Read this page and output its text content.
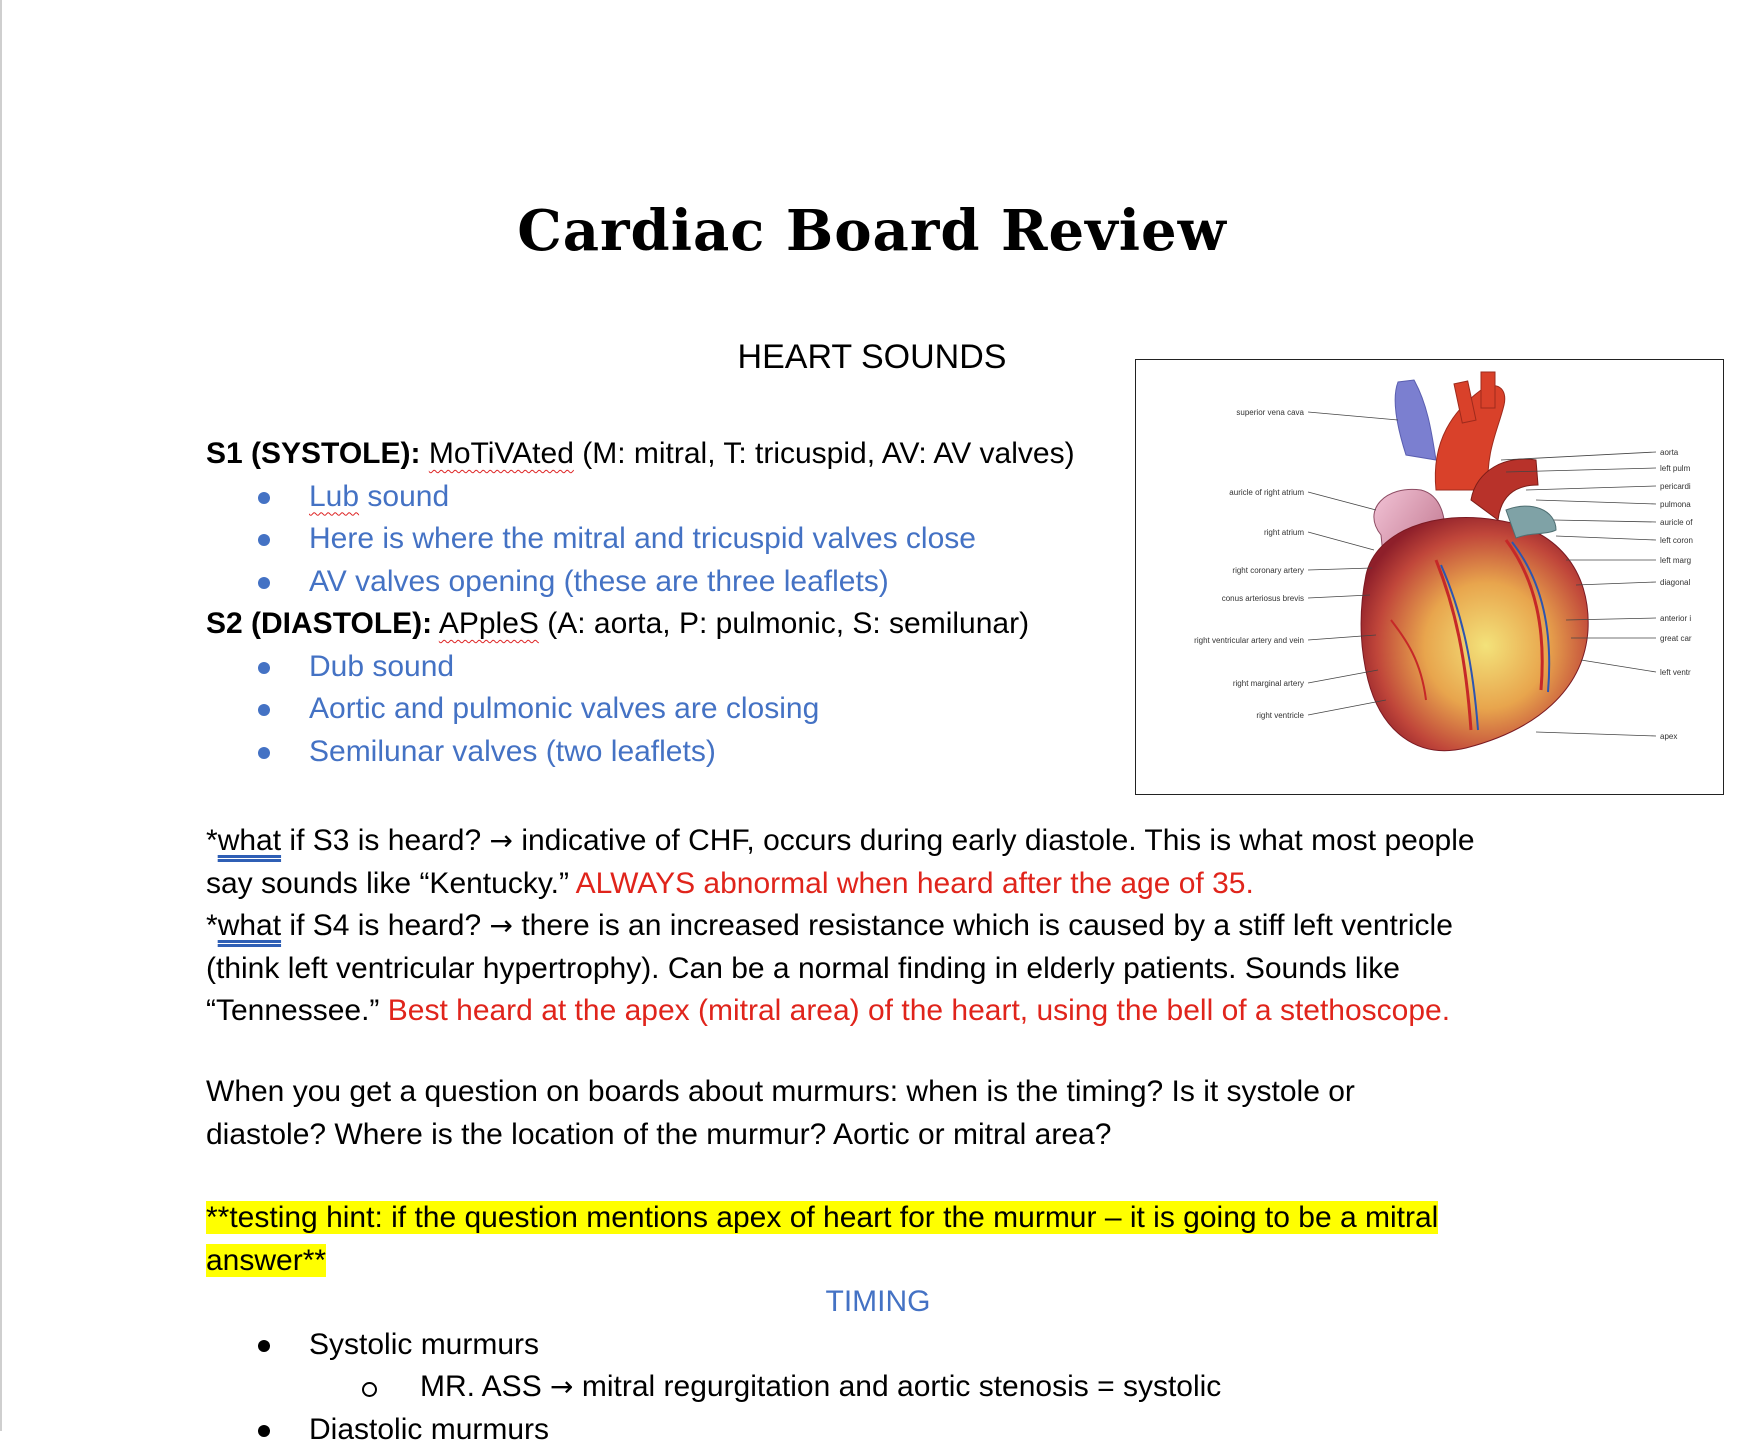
Cardiac Board Review
HEART SOUNDS
S1 (SYSTOLE): MoTiVAted (M: mitral, T: tricuspid, AV: AV valves)
Lub sound
Here is where the mitral and tricuspid valves close
AV valves opening (these are three leaflets)
S2 (DIASTOLE): APpleS (A: aorta, P: pulmonic, S: semilunar)
Dub sound
Aortic and pulmonic valves are closing
Semilunar valves (two leaflets)
*what if S3 is heard? → indicative of CHF, occurs during early diastole. This is what most people
say sounds like “Kentucky.” ALWAYS abnormal when heard after the age of 35.
*what if S4 is heard? → there is an increased resistance which is caused by a stiff left ventricle
(think left ventricular hypertrophy). Can be a normal finding in elderly patients. Sounds like
“Tennessee.” Best heard at the apex (mitral area) of the heart, using the bell of a stethoscope.
When you get a question on boards about murmurs: when is the timing? Is it systole or
diastole? Where is the location of the murmur? Aortic or mitral area?
**testing hint: if the question mentions apex of heart for the murmur – it is going to be a mitral
answer**
TIMING
Systolic murmurs
MR. ASS → mitral regurgitation and aortic stenosis = systolic
Diastolic murmurs
superior vena cava
auricle of right atrium
right atrium
right coronary artery
conus arteriosus brevis
right ventricular artery and vein
right marginal artery
right ventricle
aorta
left pulm
pericardi
pulmona
auricle of
left coron
left marg
diagonal
anterior i
great car
left ventr
apex
